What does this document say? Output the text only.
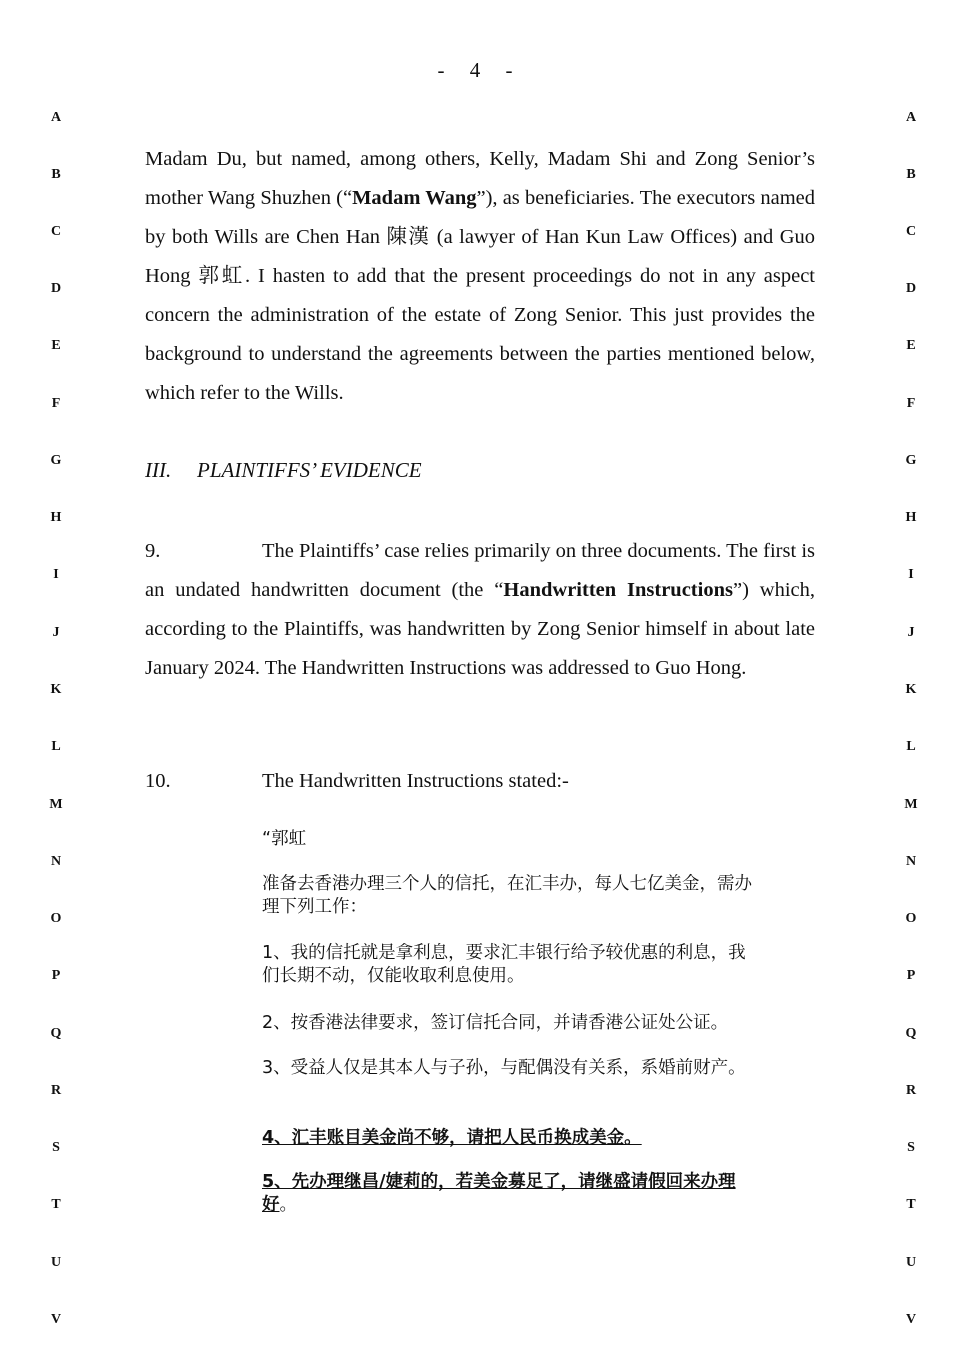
- 4 -
A
B
C
D
E
F
G
H
I
J
K
L
M
N
O
P
Q
R
S
T
U
V
A
B
C
D
E
F
G
H
I
J
K
L
M
N
O
P
Q
R
S
T
U
V

Madam Du, but named, among others, Kelly, Madam Shi and Zong Senior’s mother Wang Shuzhen (“Madam Wang”), as beneficiaries. The executors named by both Wills are Chen Han 陳漢 (a lawyer of Han Kun Law Offices) and Guo Hong 郭虹. I hasten to add that the present proceedings do not in any aspect concern the administration of the estate of Zong Senior. This just provides the background to understand the agreements between the parties mentioned below, which refer to the Wills.

III. PLAINTIFFS’ EVIDENCE

9.	The Plaintiffs’ case relies primarily on three documents. The first is an undated handwritten document (the “Handwritten Instructions”) which, according to the Plaintiffs, was handwritten by Zong Senior himself in about late January 2024. The Handwritten Instructions was addressed to Guo Hong.

10.	The Handwritten Instructions stated:-

“郭虹
准备去香港办理三个人的信托，在汇丰办，每人七亿美金，需办理下列工作：
1、我的信托就是拿利息，要求汇丰银行给予较优惠的利息，我们长期不动，仅能收取利息使用。
2、按香港法律要求，签订信托合同，并请香港公证处公证。
3、受益人仅是其本人与子孙，与配偶没有关系，系婚前财产。
4、汇丰账目美金尚不够，请把人民币换成美金。
5、先办理继昌/婕莉的，若美金募足了，请继盛请假回来办理好。
